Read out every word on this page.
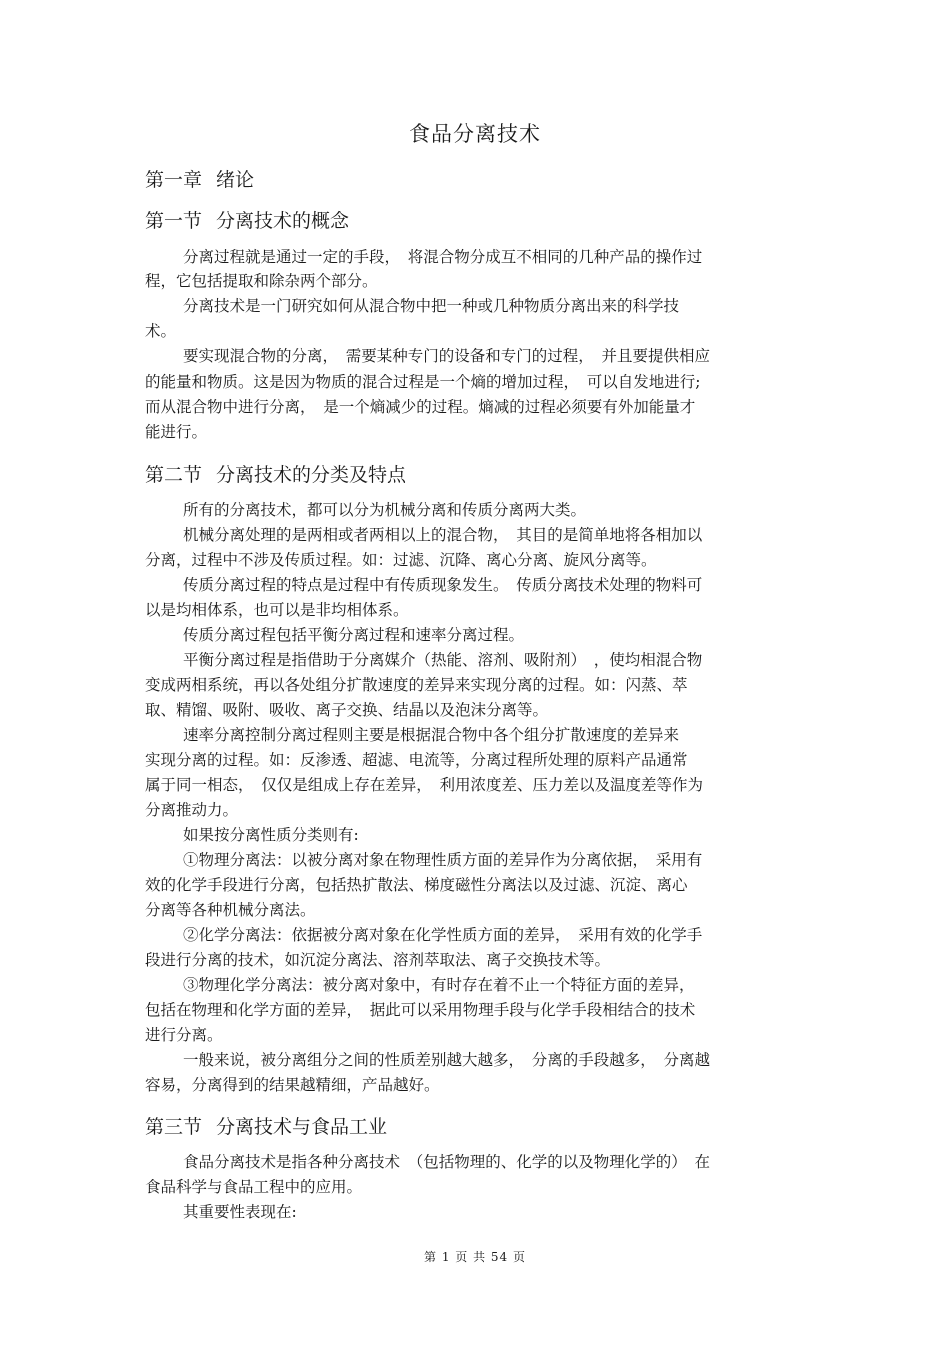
食品分离技术
第一章 绪论
第一节 分离技术的概念
分离过程就是通过一定的手段，　将混合物分成互不相同的几种产品的操作过
程，它包括提取和除杂两个部分。
分离技术是一门研究如何从混合物中把一种或几种物质分离出来的科学技
术。
要实现混合物的分离，　需要某种专门的设备和专门的过程，　并且要提供相应
的能量和物质。这是因为物质的混合过程是一个熵的增加过程，　可以自发地进行;
而从混合物中进行分离，　是一个熵减少的过程。熵减的过程必须要有外加能量才
能进行。
第二节 分离技术的分类及特点
所有的分离技术，都可以分为机械分离和传质分离两大类。
机械分离处理的是两相或者两相以上的混合物，　其目的是简单地将各相加以
分离，过程中不涉及传质过程。如：过滤、沉降、离心分离、旋风分离等。
传质分离过程的特点是过程中有传质现象发生。　传质分离技术处理的物料可
以是均相体系，也可以是非均相体系。
传质分离过程包括平衡分离过程和速率分离过程。
平衡分离过程是指借助于分离媒介（热能、溶剂、吸附剂）　，使均相混合物
变成两相系统，再以各处组分扩散速度的差异来实现分离的过程。如：闪蒸、萃
取、精馏、吸附、吸收、离子交换、结晶以及泡沫分离等。
速率分离控制分离过程则主要是根据混合物中各个组分扩散速度的差异来
实现分离的过程。如：反渗透、超滤、电流等，分离过程所处理的原料产品通常
属于同一相态，　仅仅是组成上存在差异，　利用浓度差、压力差以及温度差等作为
分离推动力。
如果按分离性质分类则有:
①物理分离法：以被分离对象在物理性质方面的差异作为分离依据，　采用有
效的化学手段进行分离，包括热扩散法、梯度磁性分离法以及过滤、沉淀、离心
分离等各种机械分离法。
②化学分离法：依据被分离对象在化学性质方面的差异，　采用有效的化学手
段进行分离的技术，如沉淀分离法、溶剂萃取法、离子交换技术等。
③物理化学分离法：被分离对象中，有时存在着不止一个特征方面的差异，
包括在物理和化学方面的差异，　据此可以采用物理手段与化学手段相结合的技术
进行分离。
一般来说，被分离组分之间的性质差别越大越多，　分离的手段越多，　分离越
容易，分离得到的结果越精细，产品越好。
第三节 分离技术与食品工业
食品分离技术是指各种分离技术　（包括物理的、化学的以及物理化学的）　在
食品科学与食品工程中的应用。
其重要性表现在:
第 1 页 共 54 页
